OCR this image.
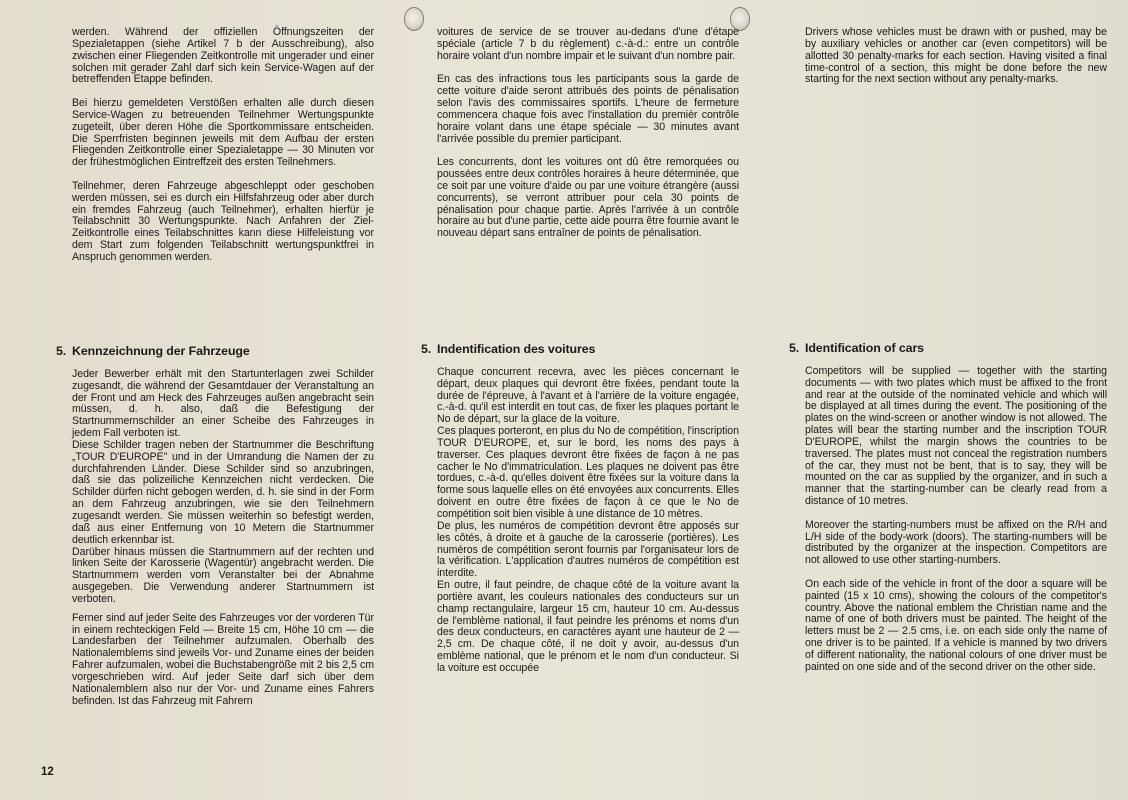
werden. Während der offiziellen Öffnungszeiten der Spezialetappen (siehe Artikel 7 b der Ausschreibung), also zwischen einer Fliegenden Zeitkontrolle mit ungerader und einer solchen mit gerader Zahl darf sich kein Service-Wagen auf der betreffenden Etappe befinden.

Bei hierzu gemeldeten Verstößen erhalten alle durch diesen Service-Wagen zu betreuenden Teilnehmer Wertungspunkte zugeteilt, über deren Höhe die Sportkommissare entscheiden. Die Sperrfristen beginnen jeweils mit dem Aufbau der ersten Fliegenden Zeitkontrolle einer Spezialetappe — 30 Minuten vor der frühestmöglichen Eintreffzeit des ersten Teilnehmers.

Teilnehmer, deren Fahrzeuge abgeschleppt oder geschoben werden müssen, sei es durch ein Hilfsfahrzeug oder aber durch ein fremdes Fahrzeug (auch Teilnehmer), erhalten hierfür je Teilabschnitt 30 Wertungspunkte. Nach Anfahren der Ziel-Zeitkontrolle eines Teilabschnittes kann diese Hilfeleistung vor dem Start zum folgenden Teilabschnitt wertungspunktfrei in Anspruch genommen werden.

5. Kennzeichnung der Fahrzeuge

Jeder Bewerber erhält mit den Startunterlagen zwei Schilder zugesandt, die während der Gesamtdauer der Veranstaltung an der Front und am Heck des Fahrzeuges außen angebracht sein müssen, d. h. also, daß die Befestigung der Startnummernschilder an einer Scheibe des Fahrzeuges in jedem Fall verboten ist.

Diese Schilder tragen neben der Startnummer die Beschriftung „TOUR D'EUROPE" und in der Umrandung die Namen der zu durchfahrenden Länder. Diese Schilder sind so anzubringen, daß sie das polizeiliche Kennzeichen nicht verdecken. Die Schilder dürfen nicht gebogen werden, d. h. sie sind in der Form an dem Fahrzeug anzubringen, wie sie den Teilnehmern zugesandt werden. Sie müssen weiterhin so befestigt werden, daß aus einer Entfernung von 10 Metern die Startnummer deutlich erkennbar ist.

Darüber hinaus müssen die Startnummern auf der rechten und linken Seite der Karosserie (Wagentür) angebracht werden. Die Startnummern werden vom Veranstalter bei der Abnahme ausgegeben. Die Verwendung anderer Startnummern ist verboten.

Ferner sind auf jeder Seite des Fahrzeuges vor der vorderen Tür in einem rechteckigen Feld — Breite 15 cm, Höhe 10 cm — die Landesfarben der Teilnehmer aufzumalen. Oberhalb des Nationalemblems sind jeweils Vor- und Zuname eines der beiden Fahrer aufzumalen, wobei die Buchstabengröße mit 2 bis 2,5 cm vorgeschrieben wird. Auf jeder Seite darf sich über dem Nationalemblem also nur der Vor- und Zuname eines Fahrers befinden. Ist das Fahrzeug mit Fahrern

voitures de service de se trouver au-dedans d'une d'étape spéciale (article 7 b du règlement) c.-à-d.: entre un contrôle horaire volant d'un nombre impair et le suivant d'un nombre pair.

En cas des infractions tous les participants sous la garde de cette voiture d'aide seront attribués des points de pénalisation selon l'avis des commissaires sportifs. L'heure de fermeture commencera chaque fois avec l'installation du premièr contrôle horaire volant dans une étape spéciale — 30 minutes avant l'arrivée possible du premier participant.

Les concurrents, dont les voitures ont dû être remorquées ou poussées entre deux contrôles horaires à heure déterminée, que ce soit par une voiture d'aide ou par une voiture étrangère (aussi concurrents), se verront attribuer pour cela 30 points de pénalisation pour chaque partie. Après l'arrivée à un contrôle horaire au but d'une partie, cette aide pourra être fournie avant le nouveau départ sans entraîner de points de pénalisation.

5. Indentification des voitures

Chaque concurrent recevra, avec les pièces concernant le départ, deux plaques qui devront être fixées, pendant toute la durée de l'épreuve, à l'avant et à l'arrière de la voiture engagée, c.-à-d. qu'il est interdit en tout cas, de fixer les plaques portant le No de départ, sur la glace de la voiture.

Ces plaques porteront, en plus du No de compétition, l'inscription TOUR D'EUROPE, et, sur le bord, les noms des pays à traverser. Ces plaques devront être fixées de façon à ne pas cacher le No d'immatriculation. Les plaques ne doivent pas être tordues, c.-à-d. qu'elles doivent être fixées sur la voiture dans la forme sous laquelle elles on été envoyées aux concurrents. Elles doivent en outre être fixées de façon à ce que le No de compétition soit bien visible à une distance de 10 mètres.

De plus, les numéros de compétition devront être apposés sur les côtés, à droite et à gauche de la carosserie (portières). Les numéros de compétition seront fournis par l'organisateur lors de la vérification. L'application d'autres numéros de compétition est interdite.

En outre, il faut peindre, de chaque côté de la voiture avant la portière avant, les couleurs nationales des conducteurs sur un champ rectangulaire, largeur 15 cm, hauteur 10 cm. Au-dessus de l'emblème national, il faut peindre les prénoms et noms d'un des deux conducteurs, en caractères ayant une hauteur de 2 — 2,5 cm. De chaque côté, il ne doit y avoir, au-dessus d'un emblème national, que le prénom et le nom d'un conducteur. Si la voiture est occupée

Drivers whose vehicles must be drawn with or pushed, may be by auxiliary vehicles or another car (even competitors) will be allotted 30 penalty-marks for each section. Having visited a final time-control of a section, this might be done before the new starting for the next section without any penalty-marks.

5. Identification of cars

Competitors will be supplied — together with the starting documents — with two plates which must be affixed to the front and rear at the outside of the nominated vehicle and which will be displayed at all times during the event. The positioning of the plates on the wind-screen or another window is not allowed. The plates will bear the starting number and the inscription TOUR D'EUROPE, whilst the margin shows the countries to be traversed. The plates must not conceal the registration numbers of the car, they must not be bent, that is to say, they will be mounted on the car as supplied by the organizer, and in such a manner that the starting-number can be clearly read from a distance of 10 metres.

Moreover the starting-numbers must be affixed on the R/H and L/H side of the body-work (doors). The starting-numbers will be distributed by the organizer at the inspection. Competitors are not allowed to use other starting-numbers.

On each side of the vehicle in front of the door a square will be painted (15 x 10 cms), showing the colours of the competitor's country. Above the national emblem the Christian name and the name of one of both drivers must be painted. The height of the letters must be 2 — 2.5 cms, i.e. on each side only the name of one driver is to be painted. If a vehicle is manned by two drivers of different nationality, the national colours of one driver must be painted on one side and of the second driver on the other side.

12
